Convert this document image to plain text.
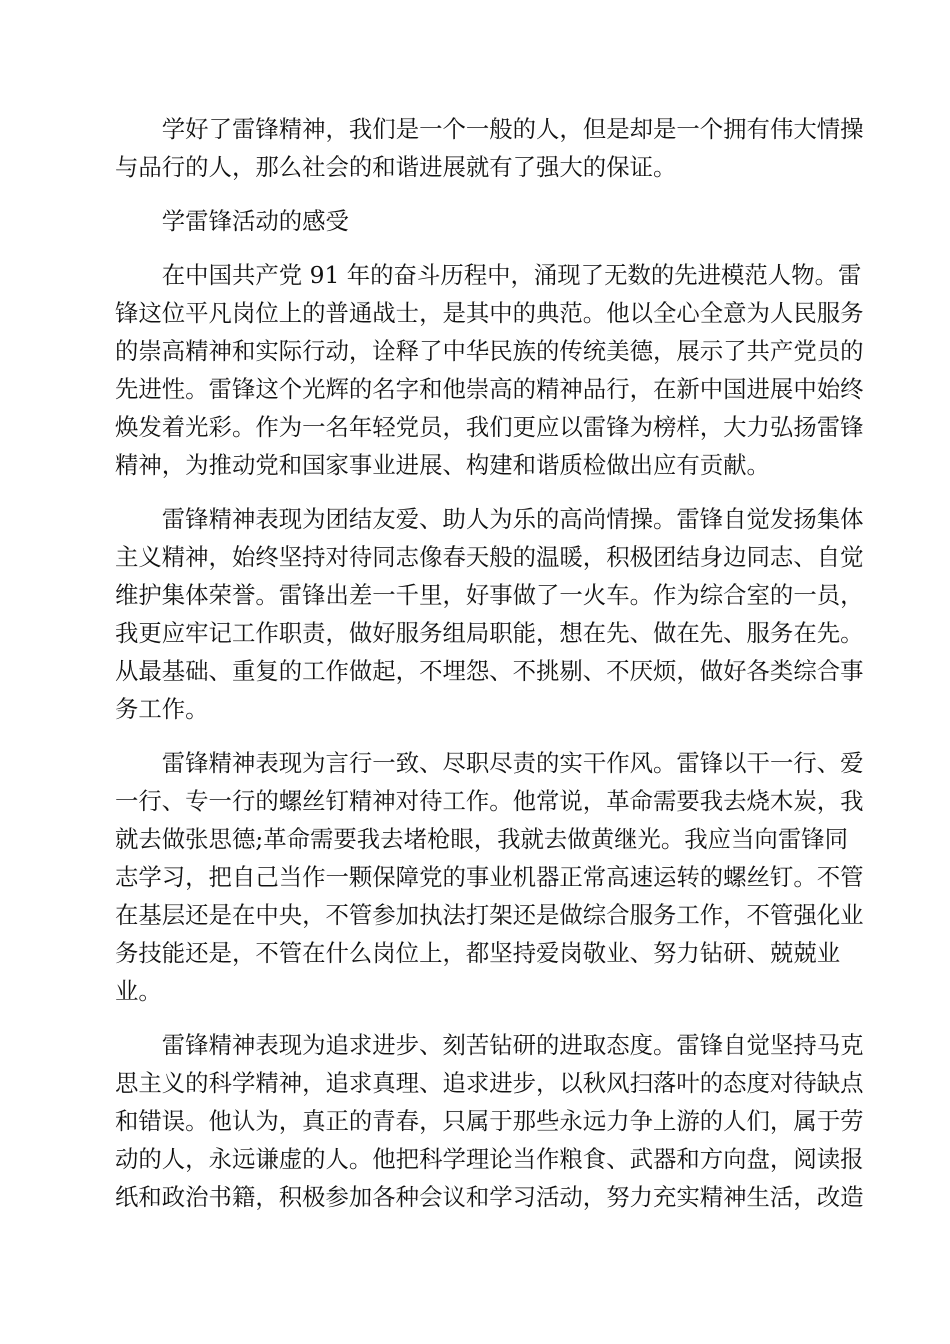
学好了雷锋精神，我们是一个一般的人，但是却是一个拥有伟大情操
与品行的人，那么社会的和谐进展就有了强大的保证。

学雷锋活动的感受

在中国共产党 91 年的奋斗历程中，涌现了无数的先进模范人物。雷
锋这位平凡岗位上的普通战士，是其中的典范。他以全心全意为人民服务
的崇高精神和实际行动，诠释了中华民族的传统美德，展示了共产党员的
先进性。雷锋这个光辉的名字和他崇高的精神品行，在新中国进展中始终
焕发着光彩。作为一名年轻党员，我们更应以雷锋为榜样，大力弘扬雷锋
精神，为推动党和国家事业进展、构建和谐质检做出应有贡献。

雷锋精神表现为团结友爱、助人为乐的高尚情操。雷锋自觉发扬集体
主义精神，始终坚持对待同志像春天般的温暖，积极团结身边同志、自觉
维护集体荣誉。雷锋出差一千里，好事做了一火车。作为综合室的一员，
我更应牢记工作职责，做好服务组局职能，想在先、做在先、服务在先。
从最基础、重复的工作做起，不埋怨、不挑剔、不厌烦，做好各类综合事
务工作。

雷锋精神表现为言行一致、尽职尽责的实干作风。雷锋以干一行、爱
一行、专一行的螺丝钉精神对待工作。他常说，革命需要我去烧木炭，我
就去做张思德;革命需要我去堵枪眼，我就去做黄继光。我应当向雷锋同
志学习，把自己当作一颗保障党的事业机器正常高速运转的螺丝钉。不管
在基层还是在中央，不管参加执法打架还是做综合服务工作，不管强化业
务技能还是，不管在什么岗位上，都坚持爱岗敬业、努力钻研、兢兢业
业。

雷锋精神表现为追求进步、刻苦钻研的进取态度。雷锋自觉坚持马克
思主义的科学精神，追求真理、追求进步，以秋风扫落叶的态度对待缺点
和错误。他认为，真正的青春，只属于那些永远力争上游的人们，属于劳
动的人，永远谦虚的人。他把科学理论当作粮食、武器和方向盘，阅读报
纸和政治书籍，积极参加各种会议和学习活动，努力充实精神生活，改造
